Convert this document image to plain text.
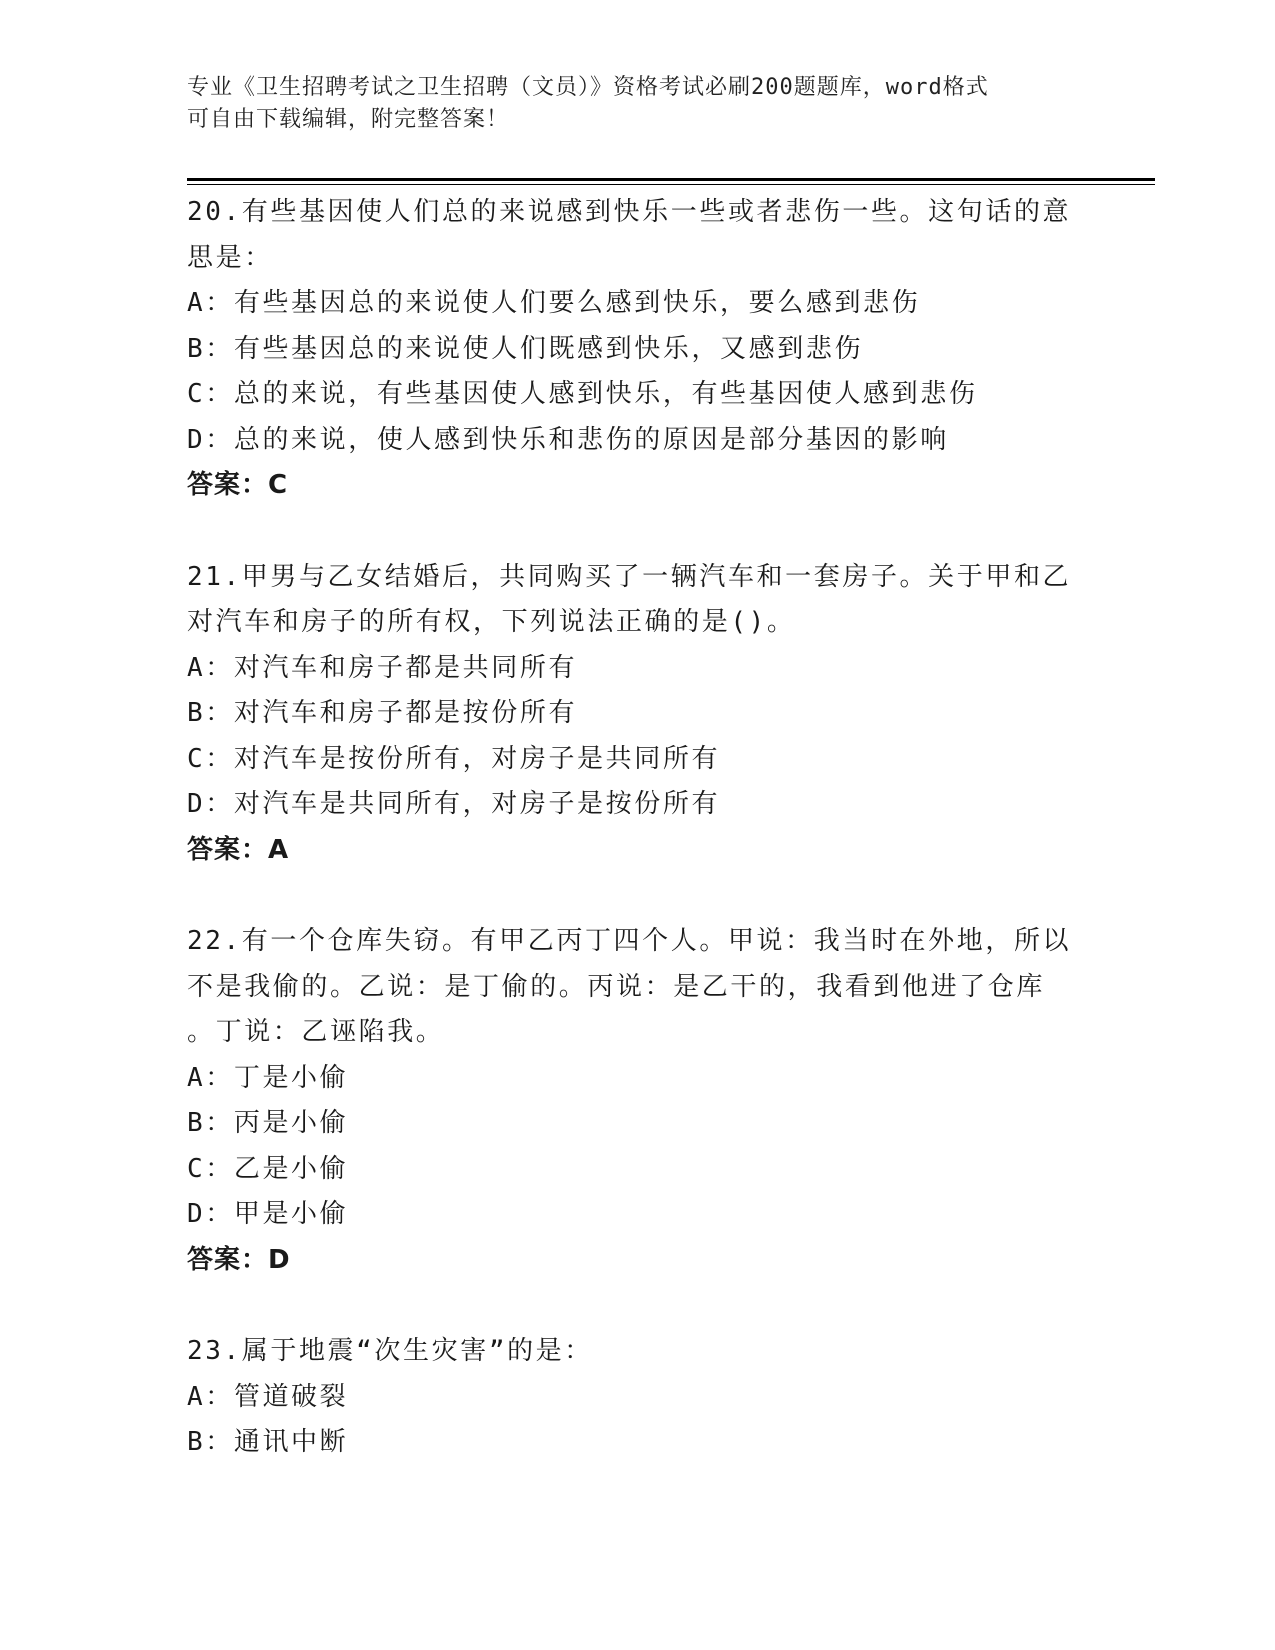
专业《卫生招聘考试之卫生招聘（文员）》资格考试必刷200题题库，word格式
可自由下载编辑，附完整答案！
20.有些基因使人们总的来说感到快乐一些或者悲伤一些。这句话的意
思是：
A：有些基因总的来说使人们要么感到快乐，要么感到悲伤
B：有些基因总的来说使人们既感到快乐，又感到悲伤
C：总的来说，有些基因使人感到快乐，有些基因使人感到悲伤
D：总的来说，使人感到快乐和悲伤的原因是部分基因的影响
答案：C
21.甲男与乙女结婚后，共同购买了一辆汽车和一套房子。关于甲和乙
对汽车和房子的所有权，下列说法正确的是()。
A：对汽车和房子都是共同所有
B：对汽车和房子都是按份所有
C：对汽车是按份所有，对房子是共同所有
D：对汽车是共同所有，对房子是按份所有
答案：A
22.有一个仓库失窃。有甲乙丙丁四个人。甲说：我当时在外地，所以
不是我偷的。乙说：是丁偷的。丙说：是乙干的，我看到他进了仓库
。丁说：乙诬陷我。
A：丁是小偷
B：丙是小偷
C：乙是小偷
D：甲是小偷
答案：D
23.属于地震“次生灾害”的是：
A：管道破裂
B：通讯中断
